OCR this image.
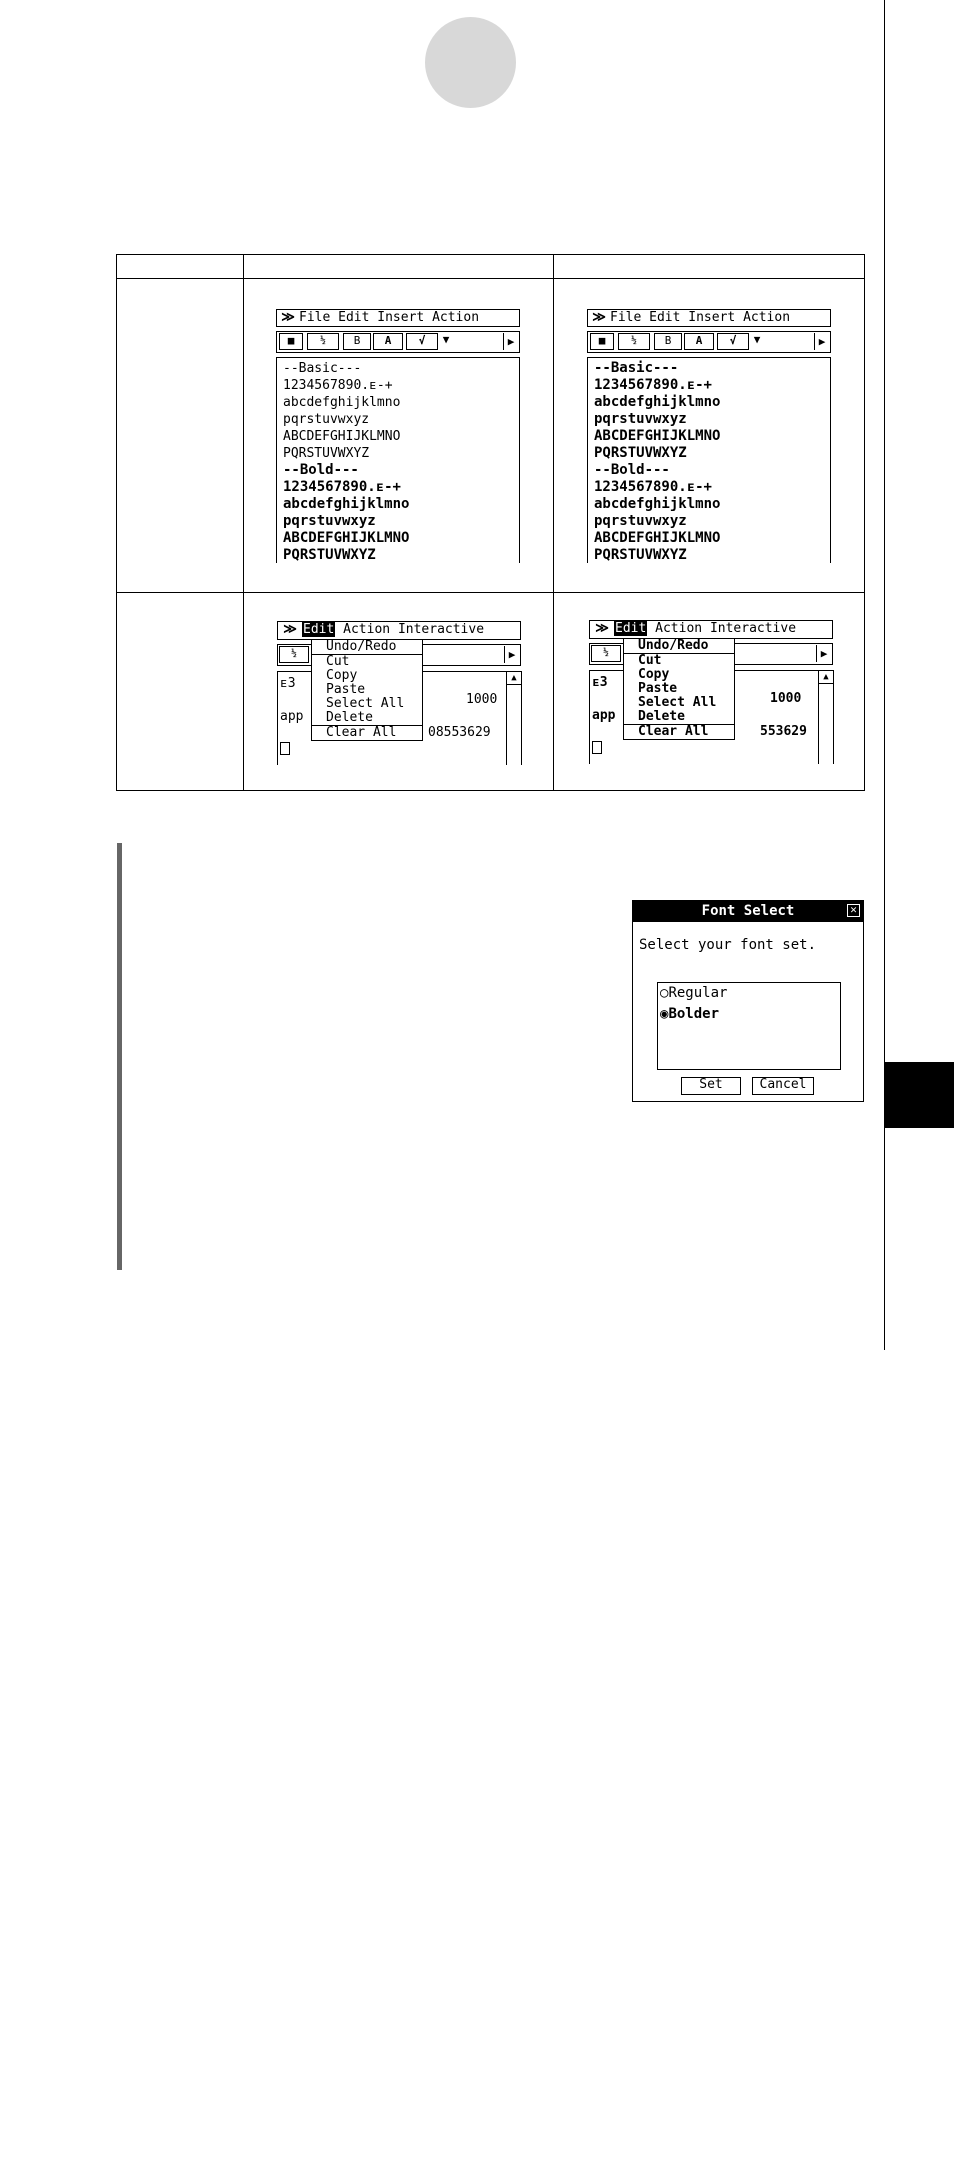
≫ File Edit Insert Action
■	½	B	A	√	▼	▶
--Basic---
1234567890.ᴇ-+
abcdefghijklmno
pqrstuvwxyz
ABCDEFGHIJKLMNO
PQRSTUVWXYZ
--Bold---
1234567890.ᴇ-+
abcdefghijklmno
pqrstuvwxyz
ABCDEFGHIJKLMNO
PQRSTUVWXYZ
≫ File Edit Insert Action
■	½	B	A	√	▼	▶
--Basic---
1234567890.ᴇ-+
abcdefghijklmno
pqrstuvwxyz
ABCDEFGHIJKLMNO
PQRSTUVWXYZ
--Bold---
1234567890.ᴇ-+
abcdefghijklmno
pqrstuvwxyz
ABCDEFGHIJKLMNO
PQRSTUVWXYZ
≫ Edit Action Interactive
½	▶
ᴇ3
1000
app
08553629
▲
Undo/Redo
Cut
Copy
Paste
Select All
Delete
Clear All
≫ Edit Action Interactive
½	▶
ᴇ3
1000
app
553629
▲
Undo/Redo
Cut
Copy
Paste
Select All
Delete
Clear All
Font Select	✕
Select your font set.
○Regular
◉Bolder
Set	Cancel
